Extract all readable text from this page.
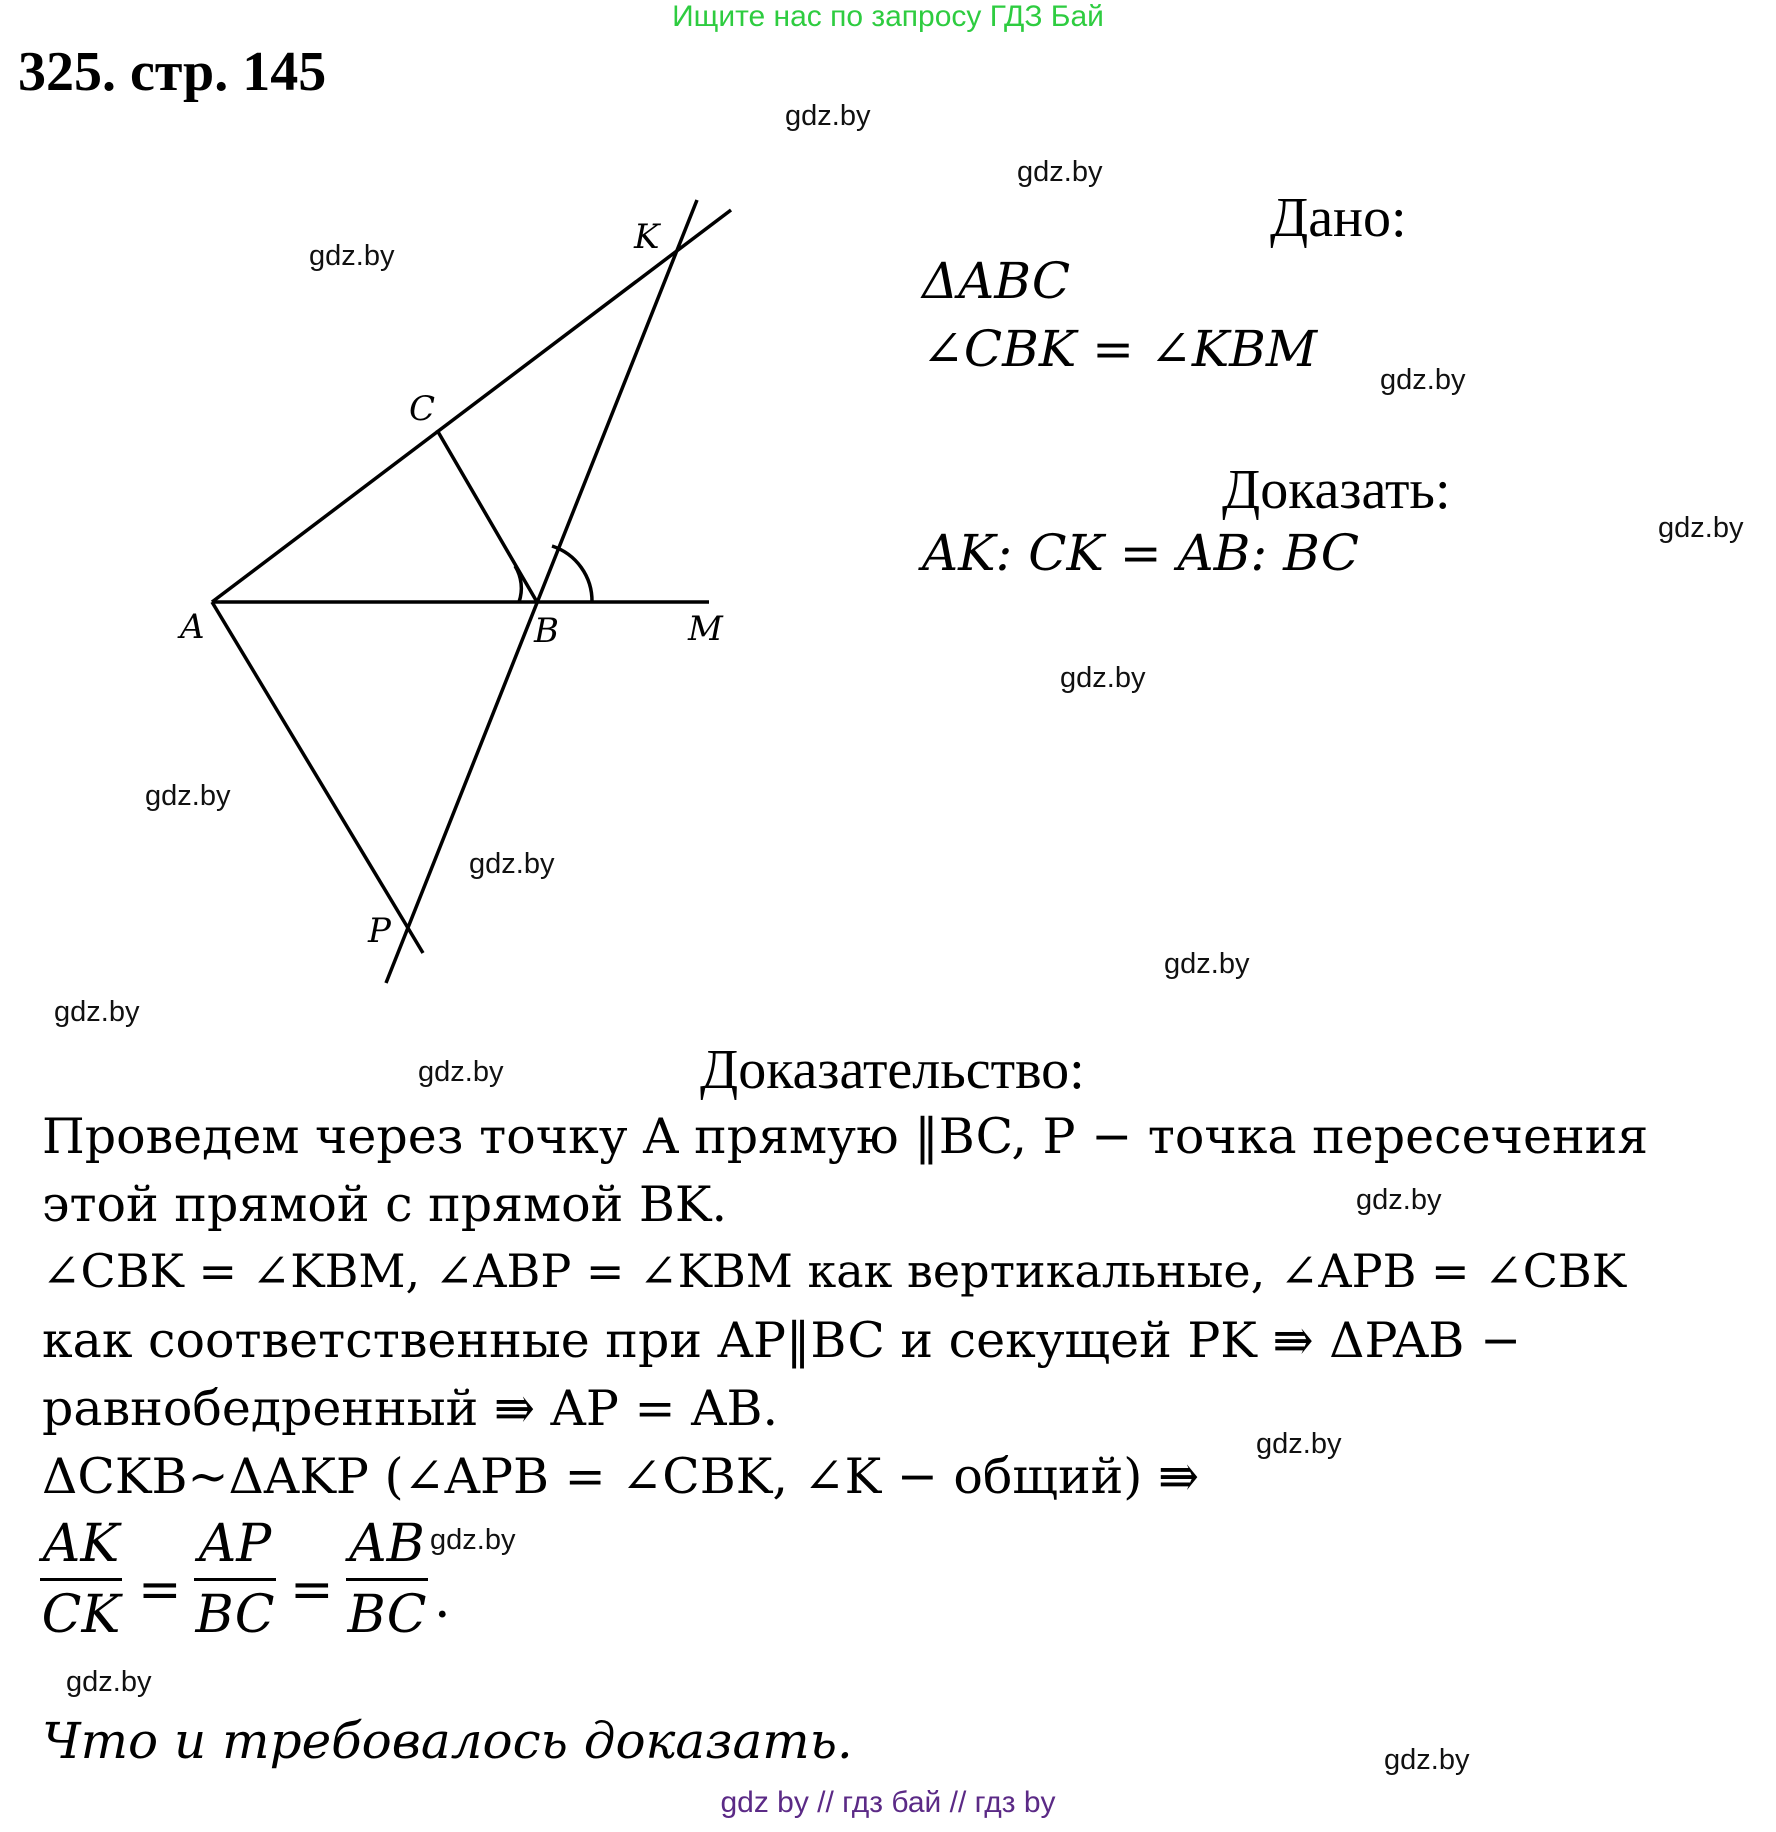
Ищите нас по запросу ГДЗ Бай
325. стр. 145
gdz.by
gdz.by
gdz.by
gdz.by
gdz.by
gdz.by
gdz.by
gdz.by
gdz.by
gdz.by
gdz.by
gdz.by
gdz.by
gdz.by
gdz.by
gdz.by
K
C
A	B	M
P
Дано:
ΔABC
∠CBK = ∠KBM
Доказать:
AK: CK = AB: BC
Доказательство:
Проведем через точку A прямую ‖BC, P − точка пересечения
этой прямой с прямой BK.
∠CBK = ∠KBM, ∠ABP = ∠KBM как вертикальные, ∠APB = ∠CBK
как соответственные при AP‖BC и секущей PK ⇛ ΔPAB −
равнобедренный ⇛ AP = AB.
ΔCKB~ΔAKP (∠APB = ∠CBK, ∠K − общий) ⇛
AK
CK =
AP
BC =
AB
BC .
Что и требовалось доказать.
gdz by // гдз бай // гдз by
